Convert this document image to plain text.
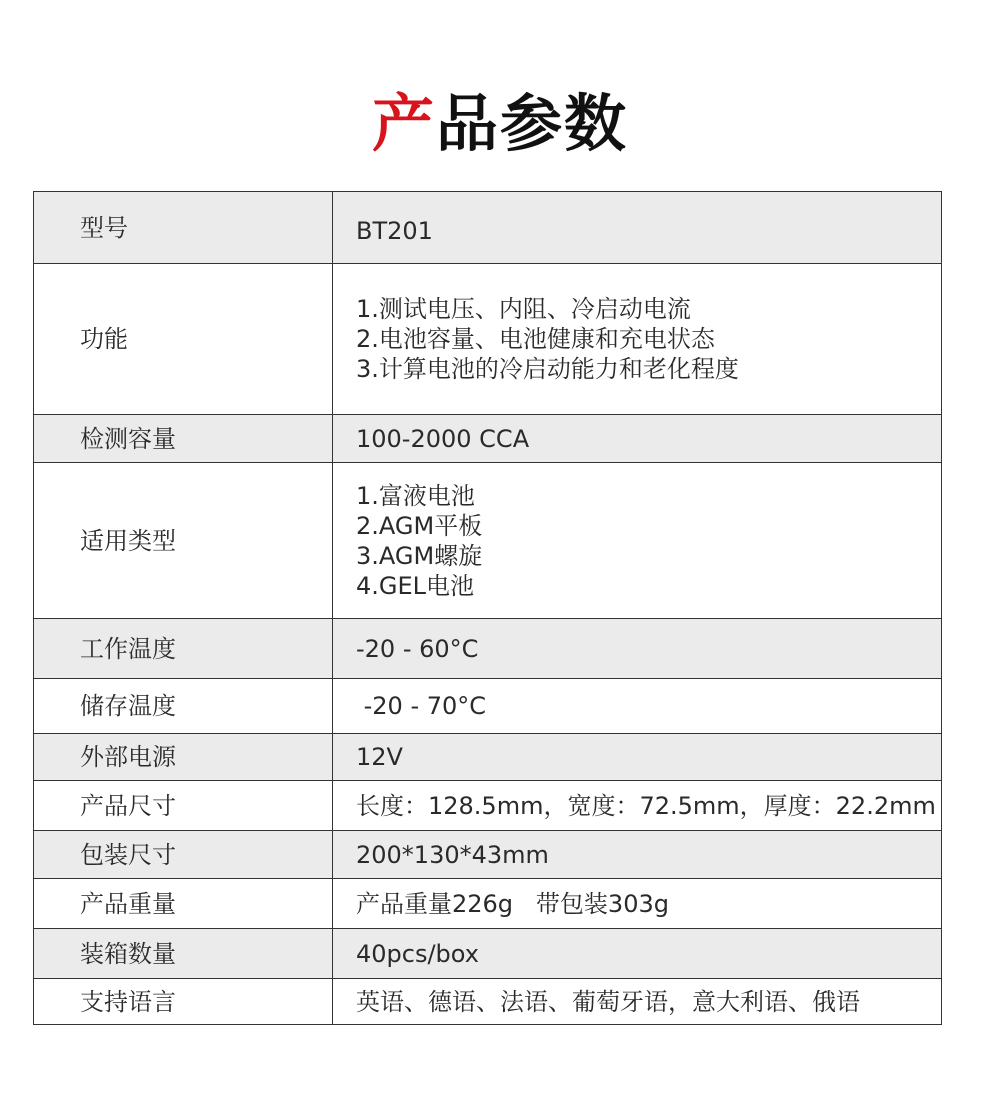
产品参数
型号	BT201

功能	1.测试电压、内阻、冷启动电流
2.电池容量、电池健康和充电状态
3.计算电池的冷启动能力和老化程度

检测容量	100-2000 CCA

适用类型	1.富液电池
2.AGM平板
3.AGM螺旋
4.GEL电池

工作温度	-20 - 60°C

储存温度	-20 - 70°C

外部电源	12V

产品尺寸	长度：128.5mm，宽度：72.5mm，厚度：22.2mm

包装尺寸	200*130*43mm

产品重量	产品重量226g   带包装303g

装箱数量	40pcs/box

支持语言	英语、德语、法语、葡萄牙语，意大利语、俄语
